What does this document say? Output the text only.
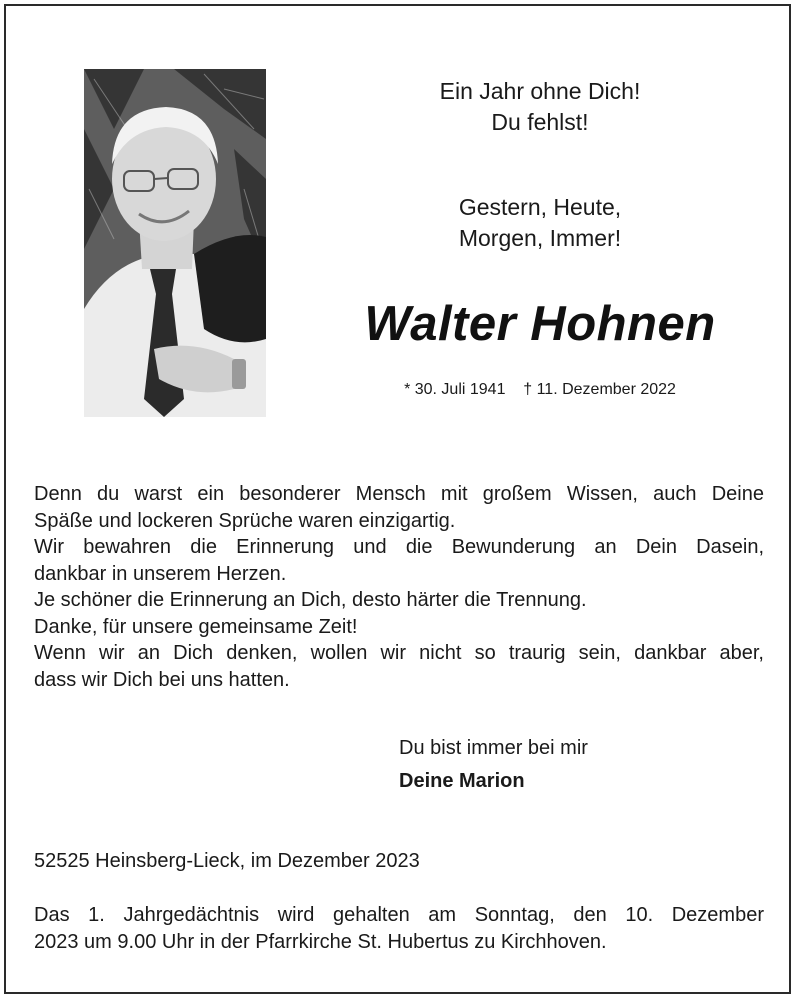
Ein Jahr ohne Dich!
Du fehlst!
Gestern, Heute,
Morgen, Immer!
Walter Hohnen
* 30. Juli 1941    † 11. Dezember 2022
Denn du warst ein besonderer Mensch mit großem Wissen, auch Deine
Späße und lockeren Sprüche waren einzigartig.
Wir bewahren die Erinnerung und die Bewunderung an Dein Dasein,
dankbar in unserem Herzen.
Je schöner die Erinnerung an Dich, desto härter die Trennung.
Danke, für unsere gemeinsame Zeit!
Wenn wir an Dich denken, wollen wir nicht so traurig sein, dankbar aber,
dass wir Dich bei uns hatten.
Du bist immer bei mir
Deine Marion
52525 Heinsberg-Lieck, im Dezember 2023
Das 1. Jahrgedächtnis wird gehalten am Sonntag, den 10. Dezember
2023 um 9.00 Uhr in der Pfarrkirche St. Hubertus zu Kirchhoven.
